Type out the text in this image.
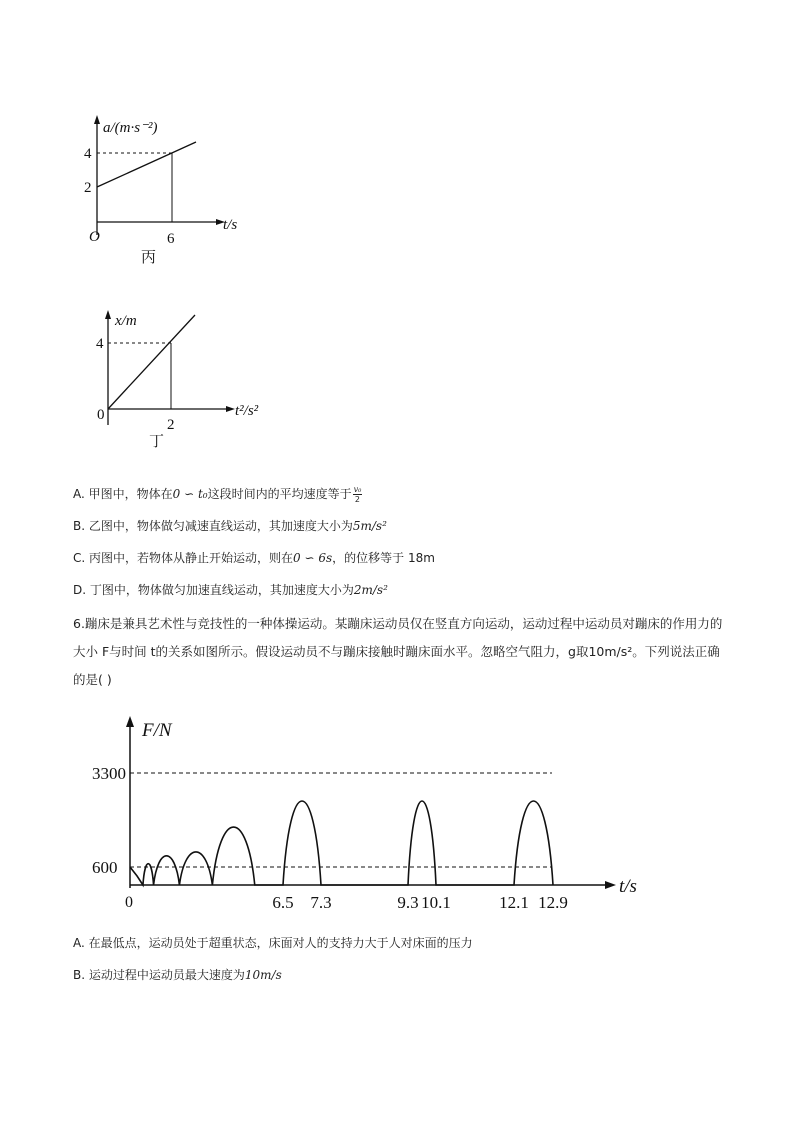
a/(m·s⁻²)
t/s
O
2
4
6
丙
x/m
t²/s²
0
4
2
丁
A. 甲图中，物体在0 ∽ t₀这段时间内的平均速度等于 $\frac{\text{v₀}}{2}$
B. 乙图中，物体做匀减速直线运动，其加速度大小为5m/s²
C. 丙图中，若物体从静止开始运动，则在0 ∽ 6s，的位移等于 18m
D. 丁图中，物体做匀加速直线运动，其加速度大小为2m/s²
6.蹦床是兼具艺术性与竞技性的一种体操运动。某蹦床运动员仅在竖直方向运动，运动过程中运动员对蹦床的作用力的大小 F与时间 t的关系如图所示。假设运动员不与蹦床接触时蹦床面水平。忽略空气阻力，g取10m/s²。下列说法正确的是( )
F/N
t/s
0
600
3300
6.5 7.3	9.3 10.1	12.1 12.9
A. 在最低点，运动员处于超重状态，床面对人的支持力大于人对床面的压力
B. 运动过程中运动员最大速度为10m/s
